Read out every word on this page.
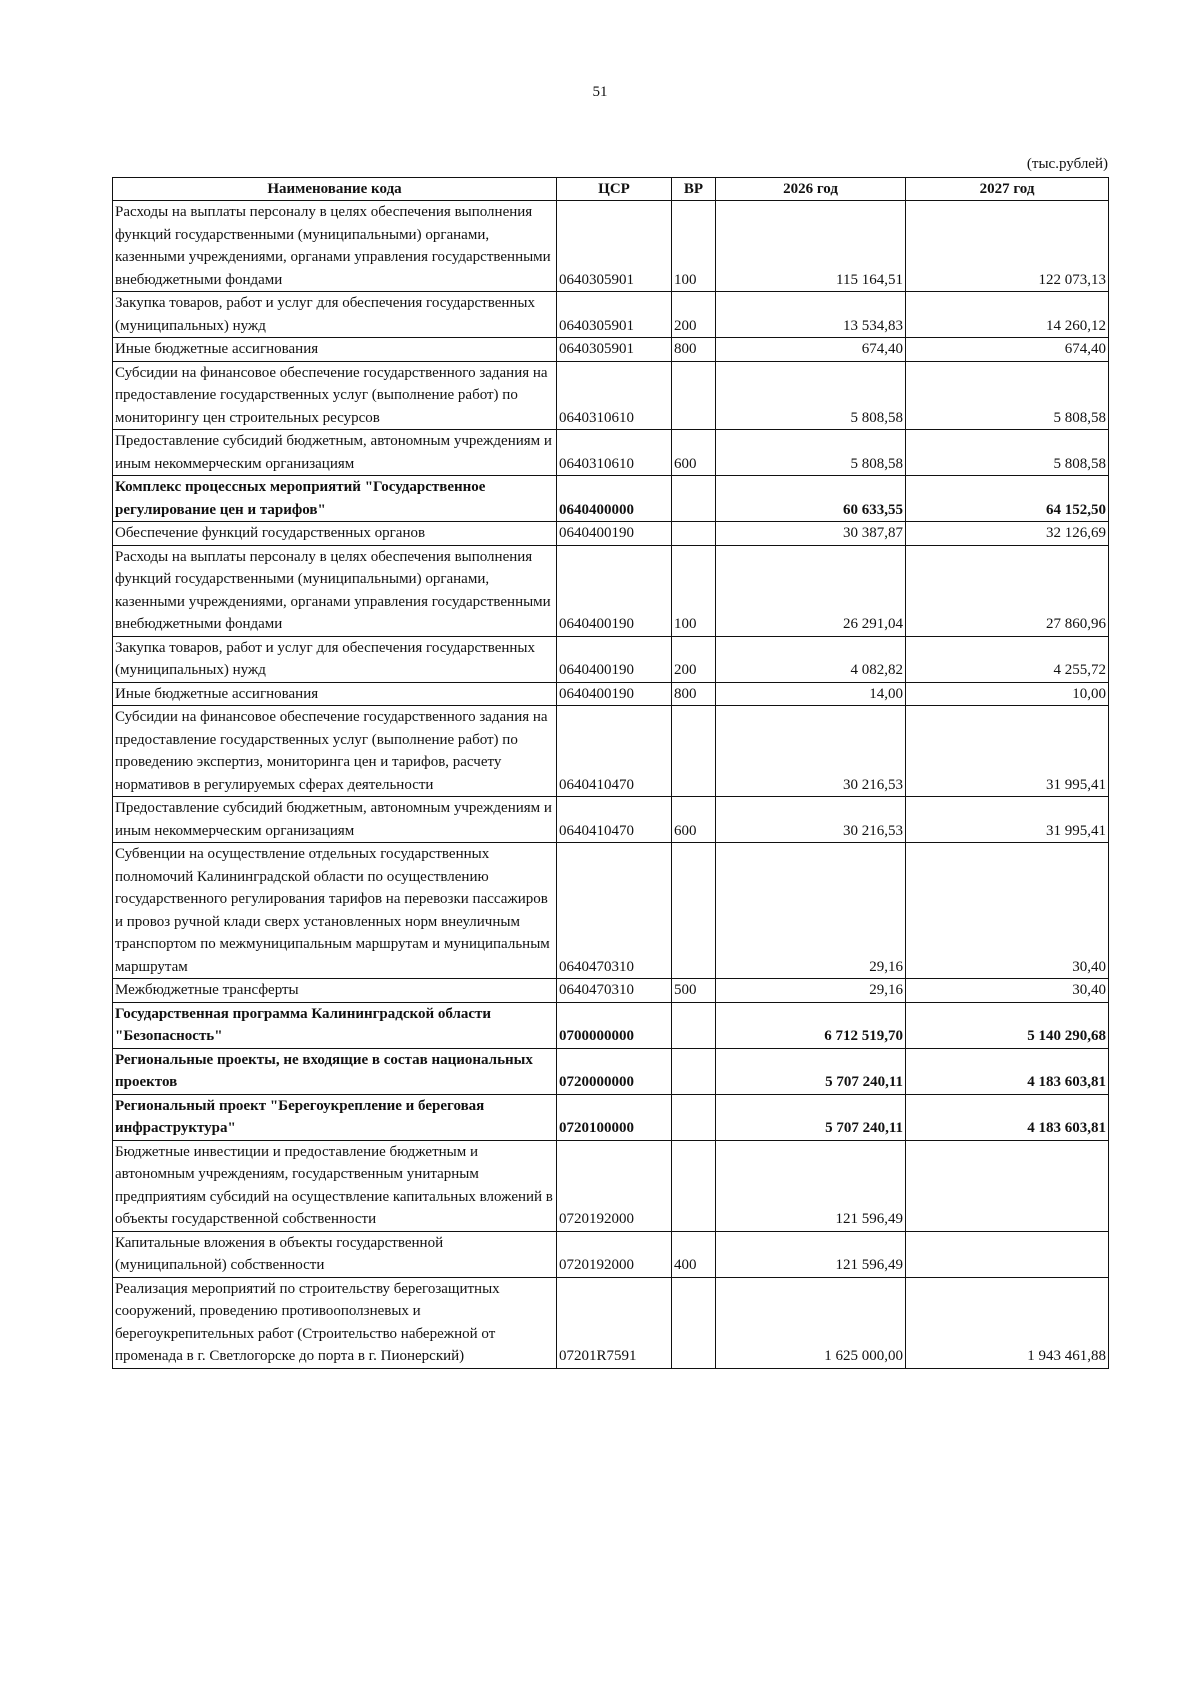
51
(тыс.рублей)
Наименование кода	ЦСР	ВР	2026 год	2027 год
Расходы на выплаты персоналу в целях обеспечения выполнения функций государственными (муниципальными) органами, казенными учреждениями, органами управления государственными внебюджетными фондами	0640305901	100	115 164,51	122 073,13
Закупка товаров, работ и услуг для обеспечения государственных (муниципальных) нужд	0640305901	200	13 534,83	14 260,12
Иные бюджетные ассигнования	0640305901	800	674,40	674,40
Субсидии на финансовое обеспечение государственного задания на предоставление государственных услуг (выполнение работ) по мониторингу цен строительных ресурсов	0640310610		5 808,58	5 808,58
Предоставление субсидий бюджетным, автономным учреждениям и иным некоммерческим организациям	0640310610	600	5 808,58	5 808,58
Комплекс процессных мероприятий "Государственное регулирование цен и тарифов"	0640400000		60 633,55	64 152,50
Обеспечение функций государственных органов	0640400190		30 387,87	32 126,69
Расходы на выплаты персоналу в целях обеспечения выполнения функций государственными (муниципальными) органами, казенными учреждениями, органами управления государственными внебюджетными фондами	0640400190	100	26 291,04	27 860,96
Закупка товаров, работ и услуг для обеспечения государственных (муниципальных) нужд	0640400190	200	4 082,82	4 255,72
Иные бюджетные ассигнования	0640400190	800	14,00	10,00
Субсидии на финансовое обеспечение государственного задания на предоставление государственных услуг (выполнение работ) по проведению экспертиз, мониторинга цен и тарифов, расчету нормативов в регулируемых сферах деятельности	0640410470		30 216,53	31 995,41
Предоставление субсидий бюджетным, автономным учреждениям и иным некоммерческим организациям	0640410470	600	30 216,53	31 995,41
Субвенции на осуществление отдельных государственных полномочий Калининградской области по осуществлению государственного регулирования тарифов на перевозки пассажиров и провоз ручной клади сверх установленных норм внеуличным транспортом по межмуниципальным маршрутам и муниципальным маршрутам	0640470310		29,16	30,40
Межбюджетные трансферты	0640470310	500	29,16	30,40
Государственная программа Калининградской области "Безопасность"	0700000000		6 712 519,70	5 140 290,68
Региональные проекты, не входящие в состав национальных проектов	0720000000		5 707 240,11	4 183 603,81
Региональный проект "Берегоукрепление и береговая инфраструктура"	0720100000		5 707 240,11	4 183 603,81
Бюджетные инвестиции и предоставление бюджетным и автономным учреждениям, государственным унитарным предприятиям субсидий на осуществление капитальных вложений в объекты государственной собственности	0720192000		121 596,49	
Капитальные вложения в объекты государственной (муниципальной) собственности	0720192000	400	121 596,49	
Реализация мероприятий по строительству берегозащитных сооружений, проведению противооползневых и берегоукрепительных работ (Строительство набережной от променада в г. Светлогорске до порта в г. Пионерский)	07201R7591		1 625 000,00	1 943 461,88
